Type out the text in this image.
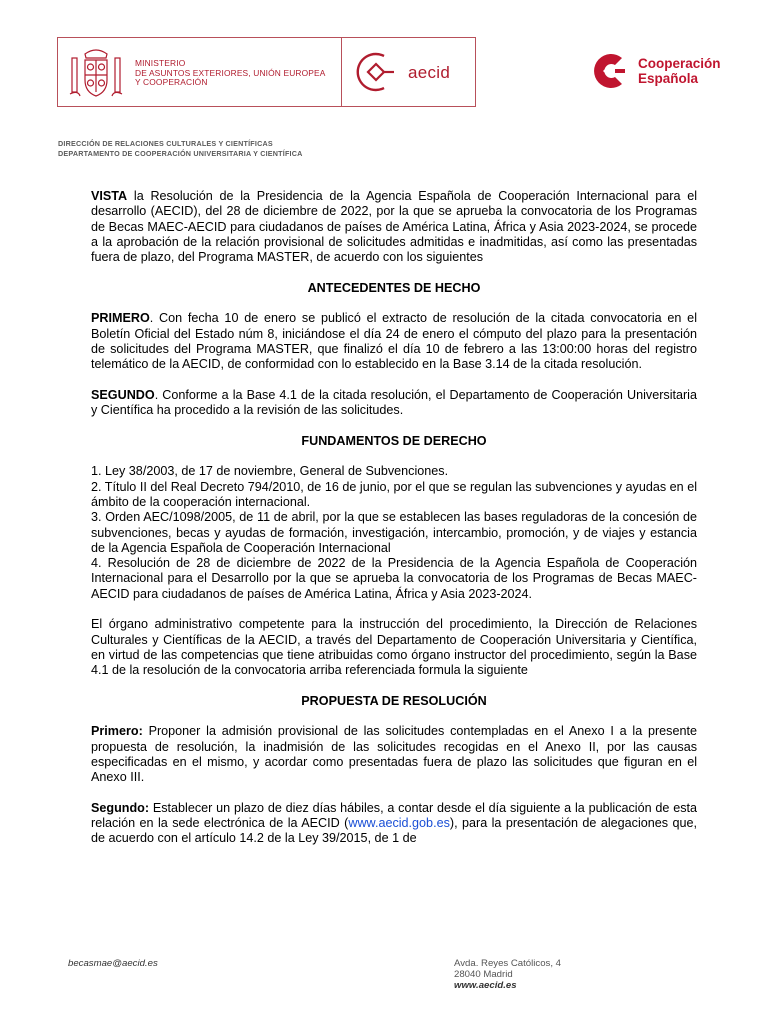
MINISTERIO
DE ASUNTOS EXTERIORES, UNIÓN EUROPEA
Y COOPERACIÓN
aecid	Cooperación
Española
DIRECCIÓN DE RELACIONES CULTURALES Y CIENTÍFICAS
DEPARTAMENTO DE COOPERACIÓN UNIVERSITARIA Y CIENTÍFICA

VISTA la Resolución de la Presidencia de la Agencia Española de Cooperación Internacional para el desarrollo (AECID), del 28 de diciembre de 2022, por la que se aprueba la convocatoria de los Programas de Becas MAEC-AECID para ciudadanos de países de América Latina, África y Asia 2023-2024, se procede a la aprobación de la relación provisional de solicitudes admitidas e inadmitidas, así como las presentadas fuera de plazo, del Programa MASTER, de acuerdo con los siguientes

ANTECEDENTES DE HECHO

PRIMERO. Con fecha 10 de enero se publicó el extracto de resolución de la citada convocatoria en el Boletín Oficial del Estado núm 8, iniciándose el día 24 de enero el cómputo del plazo para la presentación de solicitudes del Programa MASTER, que finalizó el día 10 de febrero a las 13:00:00 horas del registro telemático de la AECID, de conformidad con lo establecido en la Base 3.14 de la citada resolución.

SEGUNDO. Conforme a la Base 4.1 de la citada resolución, el Departamento de Cooperación Universitaria y Científica ha procedido a la revisión de las solicitudes.

FUNDAMENTOS DE DERECHO

1. Ley 38/2003, de 17 de noviembre, General de Subvenciones.

2. Título II del Real Decreto 794/2010, de 16 de junio, por el que se regulan las subvenciones y ayudas en el ámbito de la cooperación internacional.

3. Orden AEC/1098/2005, de 11 de abril, por la que se establecen las bases reguladoras de la concesión de subvenciones, becas y ayudas de formación, investigación, intercambio, promoción, y de viajes y estancia de la Agencia Española de Cooperación Internacional

4. Resolución de 28 de diciembre de 2022 de la Presidencia de la Agencia Española de Cooperación Internacional para el Desarrollo por la que se aprueba la convocatoria de los Programas de Becas MAEC-AECID para ciudadanos de países de América Latina, África y Asia 2023-2024.

El órgano administrativo competente para la instrucción del procedimiento, la Dirección de Relaciones Culturales y Científicas de la AECID, a través del Departamento de Cooperación Universitaria y Científica, en virtud de las competencias que tiene atribuidas como órgano instructor del procedimiento, según la Base 4.1 de la resolución de la convocatoria arriba referenciada formula la siguiente

PROPUESTA DE RESOLUCIÓN

Primero: Proponer la admisión provisional de las solicitudes contempladas en el Anexo I a la presente propuesta de resolución, la inadmisión de las solicitudes recogidas en el Anexo II, por las causas especificadas en el mismo, y acordar como presentadas fuera de plazo las solicitudes que figuran en el Anexo III.

Segundo: Establecer un plazo de diez días hábiles, a contar desde el día siguiente a la publicación de esta relación en la sede electrónica de la AECID (www.aecid.gob.es), para la presentación de alegaciones que, de acuerdo con el artículo 14.2 de la Ley 39/2015, de 1 de

becasmae@aecid.es	Avda. Reyes Católicos, 4
28040 Madrid
www.aecid.es
